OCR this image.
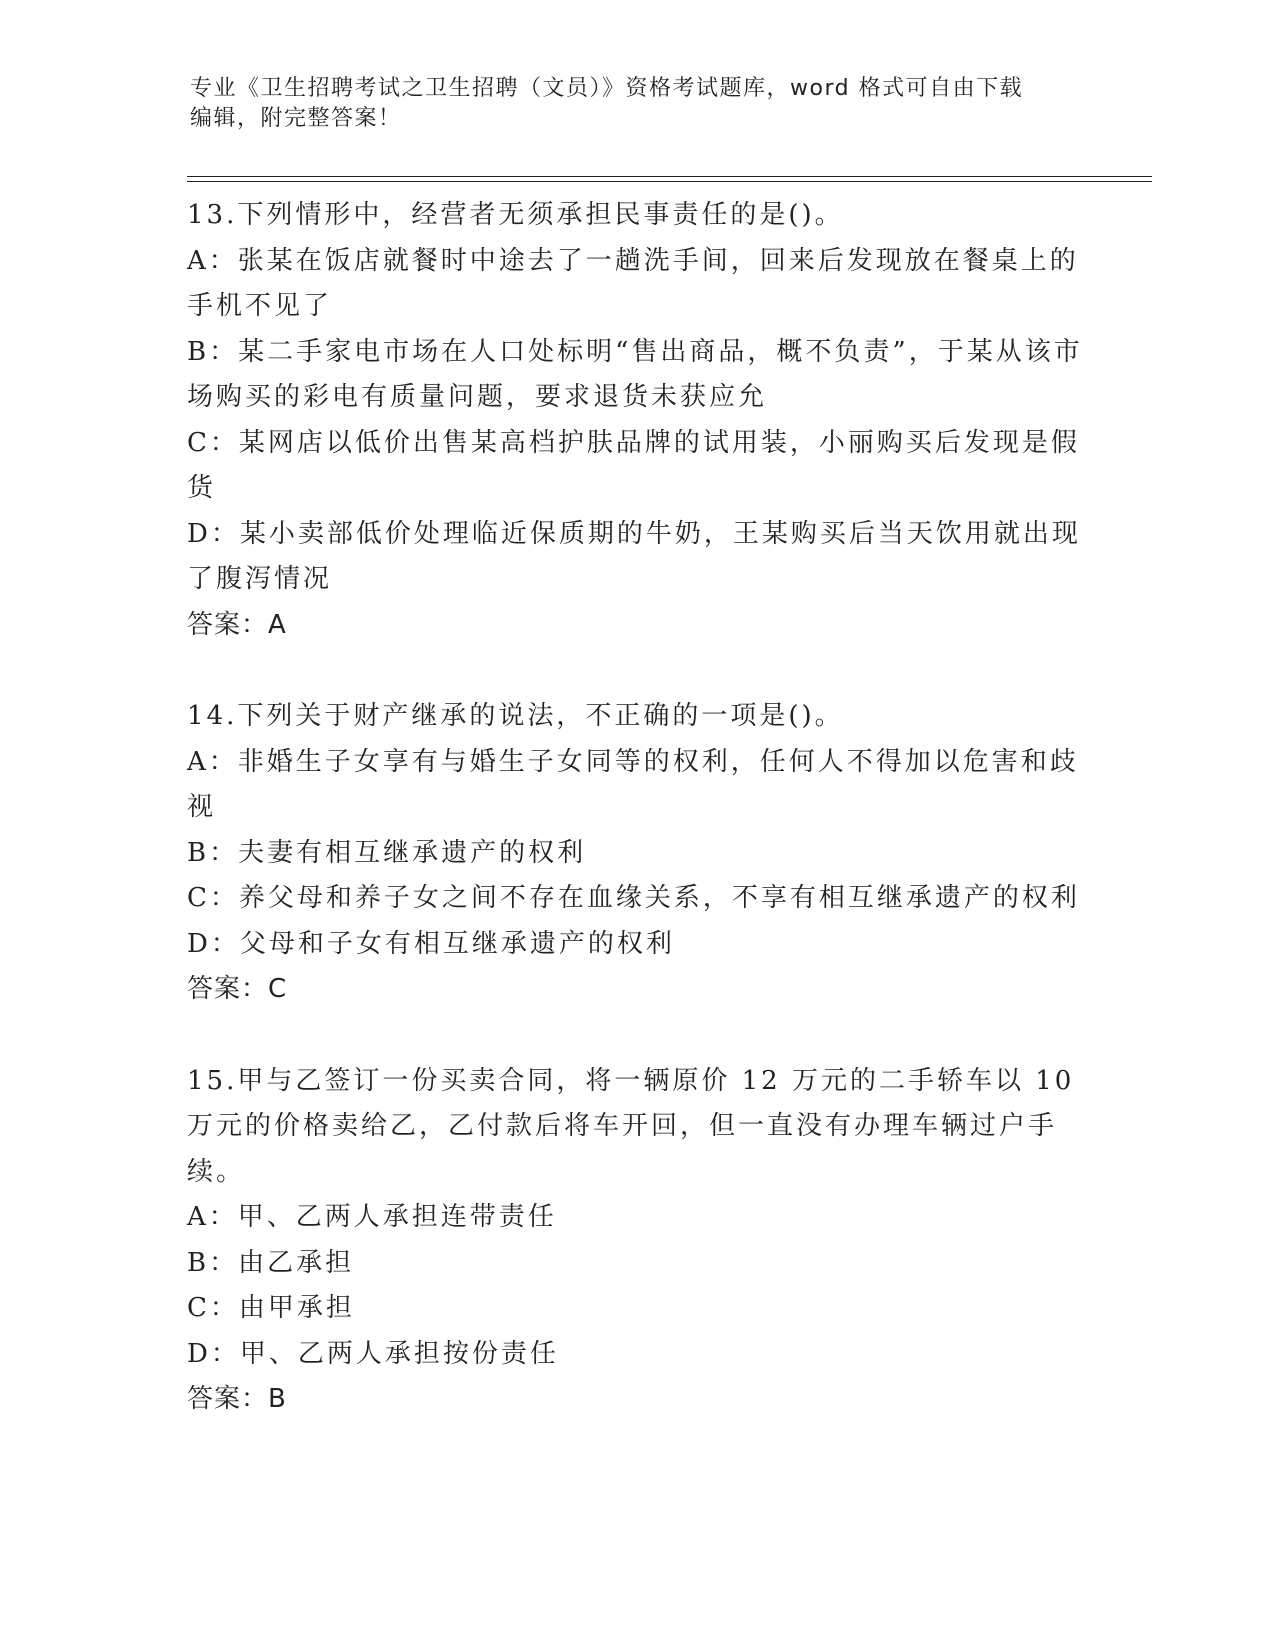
专业《卫生招聘考试之卫生招聘（文员）》资格考试题库，word 格式可自由下载
编辑，附完整答案！
13.下列情形中，经营者无须承担民事责任的是()。
A：张某在饭店就餐时中途去了一趟洗手间，回来后发现放在餐桌上的手机不见了
B：某二手家电市场在人口处标明“售出商品，概不负责”，于某从该市场购买的彩电有质量问题，要求退货未获应允
C：某网店以低价出售某高档护肤品牌的试用装，小丽购买后发现是假货
D：某小卖部低价处理临近保质期的牛奶，王某购买后当天饮用就出现了腹泻情况
答案：A
14.下列关于财产继承的说法，不正确的一项是()。
A：非婚生子女享有与婚生子女同等的权利，任何人不得加以危害和歧视
B：夫妻有相互继承遗产的权利
C：养父母和养子女之间不存在血缘关系，不享有相互继承遗产的权利
D：父母和子女有相互继承遗产的权利
答案：C
15.甲与乙签订一份买卖合同，将一辆原价 12 万元的二手轿车以 10 万元的价格卖给乙，乙付款后将车开回，但一直没有办理车辆过户手续。
A：甲、乙两人承担连带责任
B：由乙承担
C：由甲承担
D：甲、乙两人承担按份责任
答案：B
